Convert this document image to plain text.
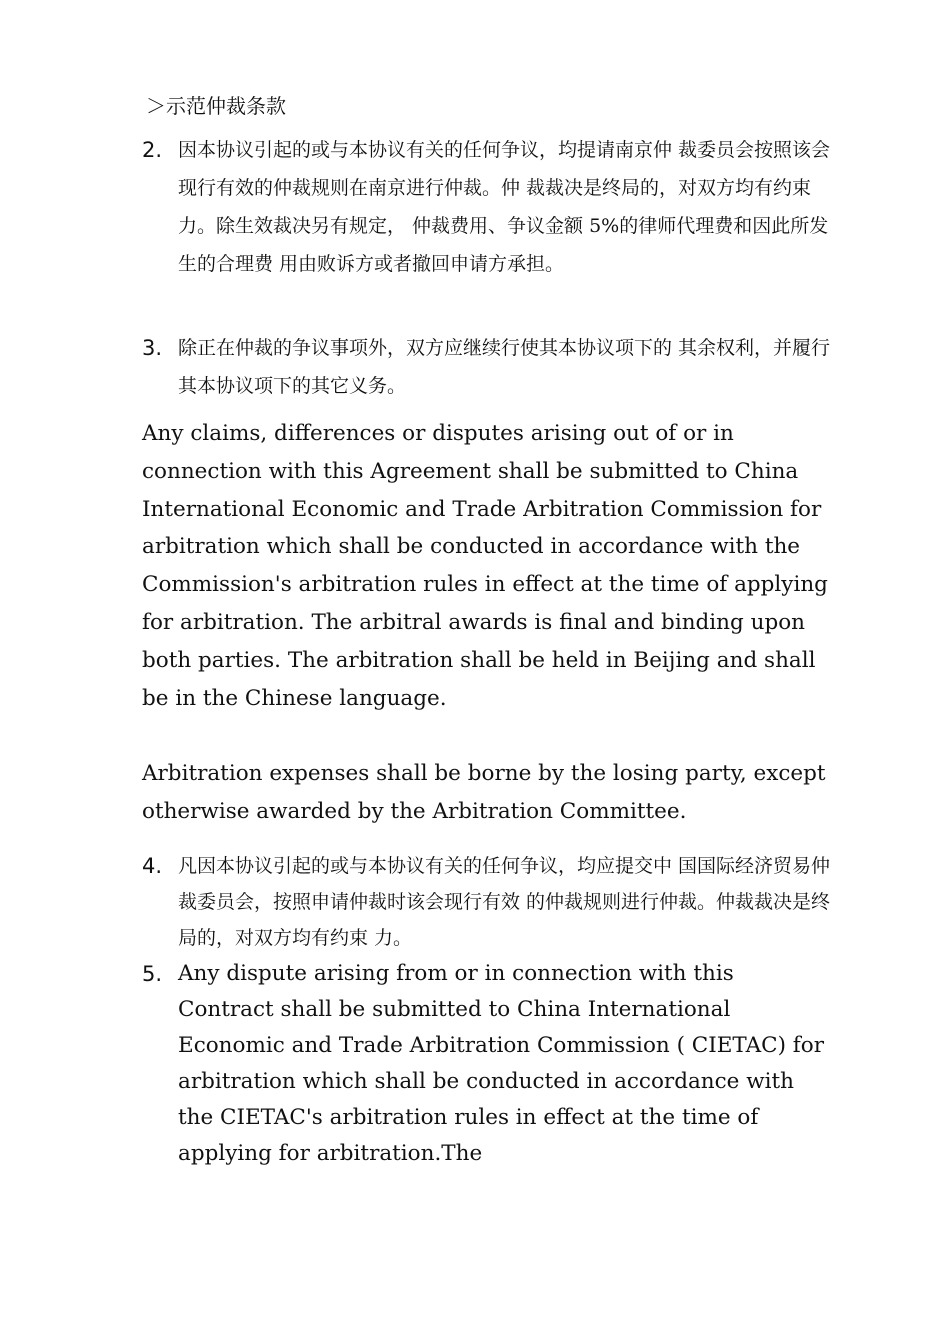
＞示范仲裁条款
2. 因本协议引起的或与本协议有关的任何争议，均提请南京仲 裁委员会按照该会现行有效的仲裁规则在南京进行仲裁。仲 裁裁决是终局的，对双方均有约束力。除生效裁决另有规定， 仲裁费用、争议金额 5%的律师代理费和因此所发生的合理费 用由败诉方或者撤回申请方承担。
3. 除正在仲裁的争议事项外，双方应继续行使其本协议项下的 其余权利，并履行其本协议项下的其它义务。
Any claims, differences or disputes arising out of or in connection with this Agreement shall be submitted to China International Economic and Trade Arbitration Commission for arbitration which shall be conducted in accordance with the Commission's arbitration rules in effect at the time of applying for arbitration. The arbitral awards is final and binding upon both parties. The arbitration shall be held in Beijing and shall be in the Chinese language.
Arbitration expenses shall be borne by the losing party, except otherwise awarded by the Arbitration Committee.
4. 凡因本协议引起的或与本协议有关的任何争议，均应提交中 国国际经济贸易仲裁委员会，按照申请仲裁时该会现行有效 的仲裁规则进行仲裁。仲裁裁决是终局的，对双方均有约束 力。
5. Any dispute arising from or in connection with this Contract shall be submitted to China International Economic and Trade Arbitration Commission ( CIETAC) for arbitration which shall be conducted in accordance with the CIETAC's arbitration rules in effect at the time of applying for arbitration.The
